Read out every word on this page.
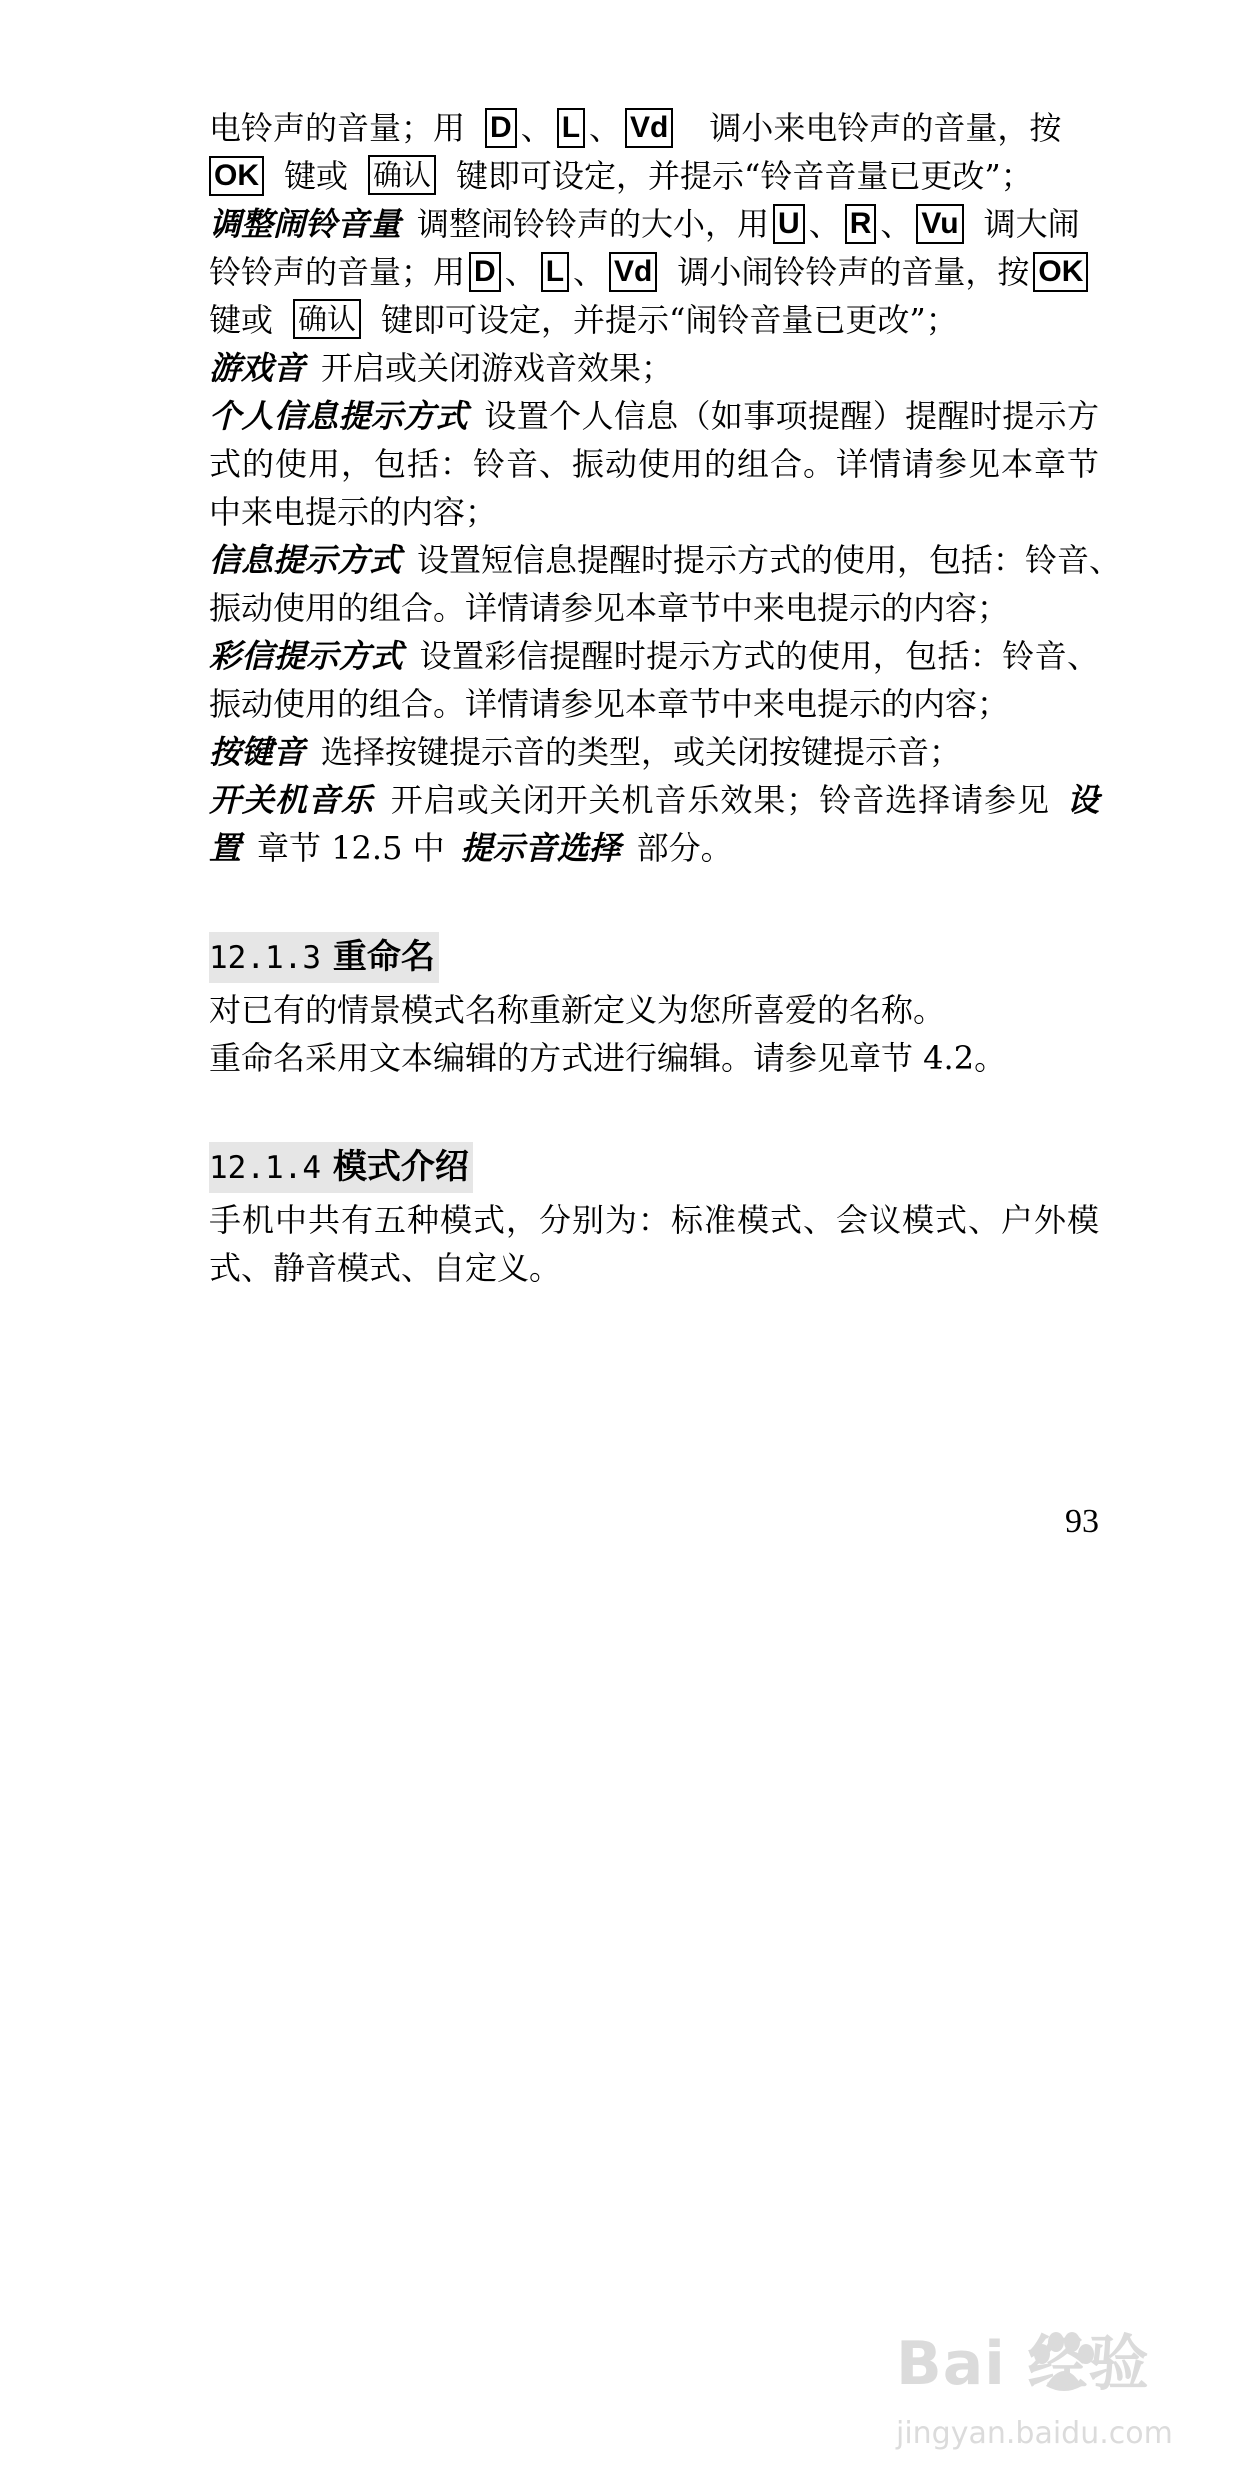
电铃声的音量；用 D 、 L 、 Vd 调小来电铃声的音量，按
OK 键或 确认 键即可设定，并提示“铃音音量已更改”；
调整闹铃音量 调整闹铃铃声的大小，用 U 、 R 、 Vu 调大闹
铃铃声的音量；用 D 、 L 、 Vd 调小闹铃铃声的音量，按 OK
键或 确认 键即可设定，并提示“闹铃音量已更改”；
游戏音 开启或关闭游戏音效果；
个人信息提示方式 设置个人信息（如事项提醒）提醒时提示方
式的使用，包括：铃音、振动使用的组合。详情请参见本章节
中来电提示的内容；
信息提示方式 设置短信息提醒时提示方式的使用，包括：铃音、
振动使用的组合。详情请参见本章节中来电提示的内容；
彩信提示方式 设置彩信提醒时提示方式的使用，包括：铃音、
振动使用的组合。详情请参见本章节中来电提示的内容；
按键音 选择按键提示音的类型，或关闭按键提示音；
开关机音乐 开启或关闭开关机音乐效果；铃音选择请参见 设
置 章节 12.5 中 提示音选择 部分。
12.1.3 重命名
对已有的情景模式名称重新定义为您所喜爱的名称。
重命名采用文本编辑的方式进行编辑。请参见章节 4.2。
12.1.4 模式介绍
手机中共有五种模式，分别为：标准模式、会议模式、户外模
式、静音模式、自定义。
93
Bai 经验
jingyan.baidu.com
